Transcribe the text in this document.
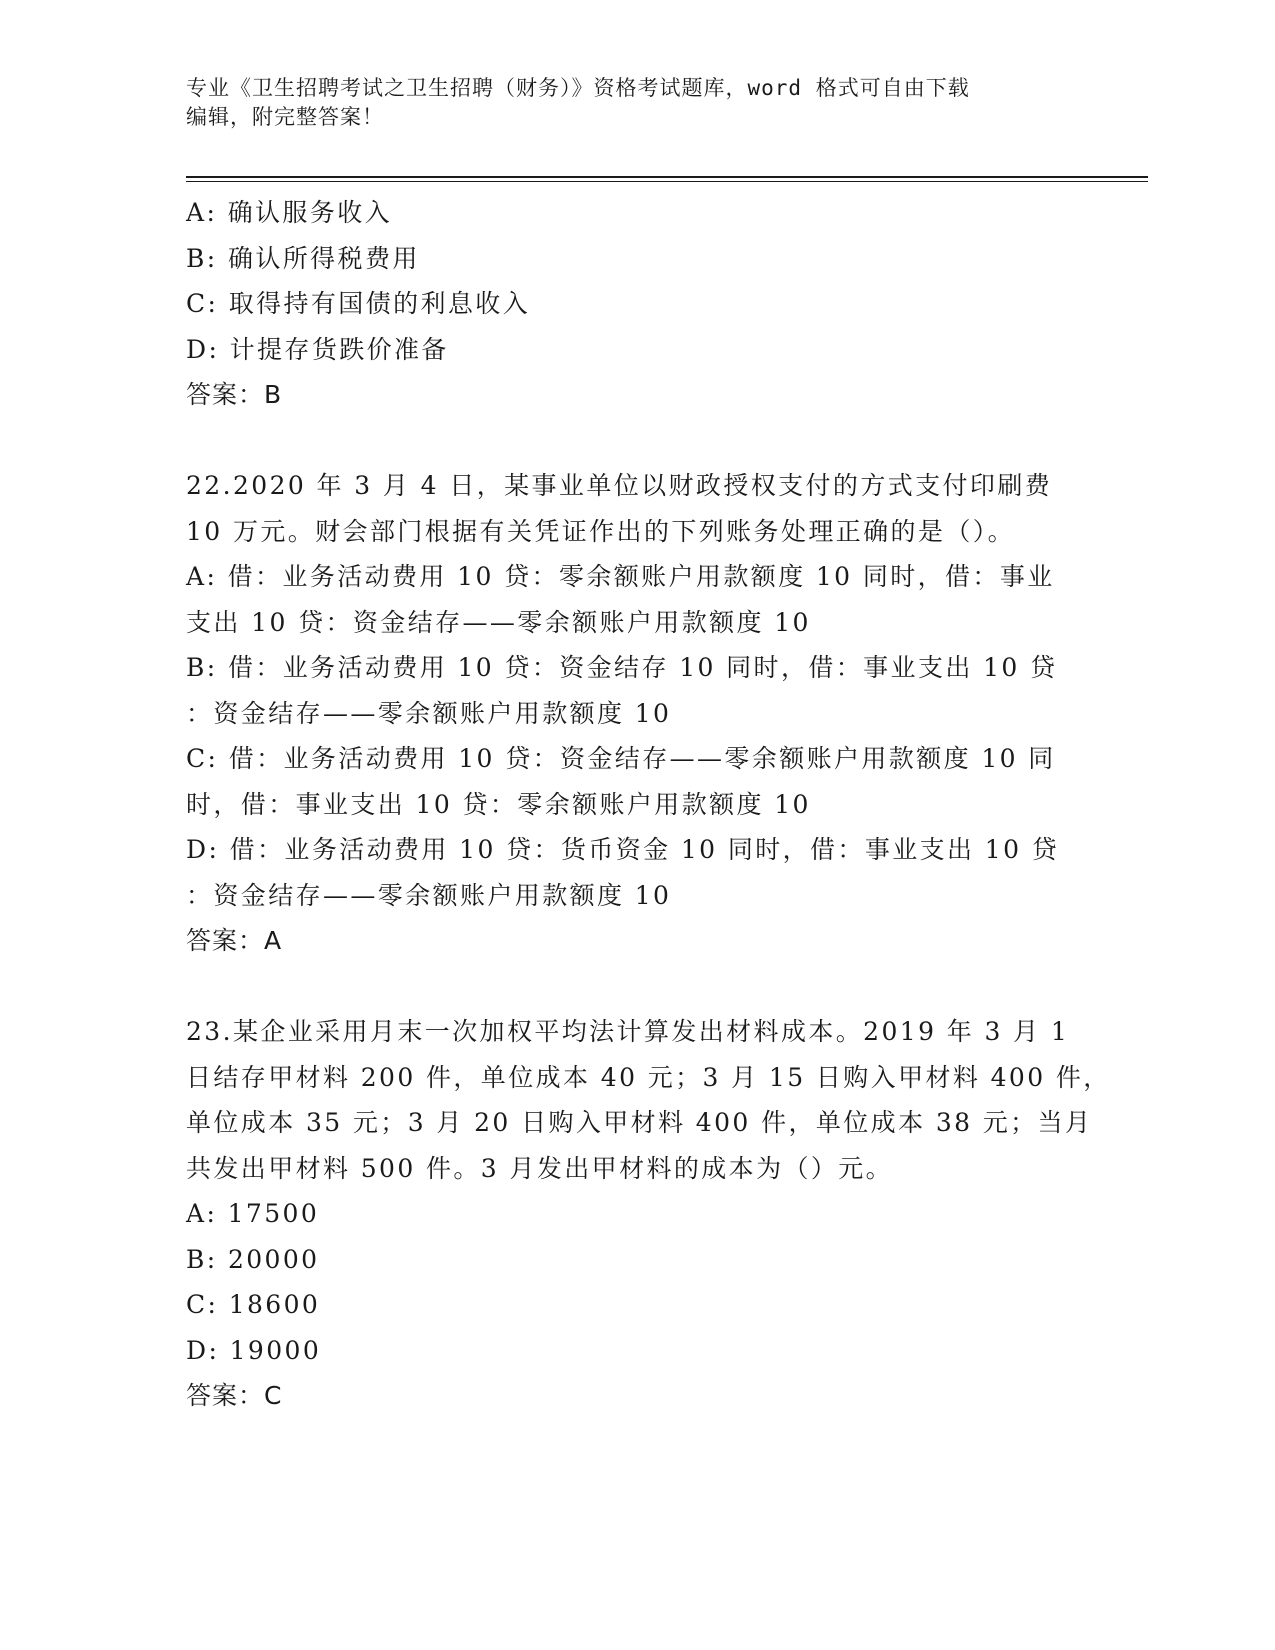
专业《卫生招聘考试之卫生招聘（财务）》资格考试题库，word 格式可自由下载
编辑，附完整答案！
A: 确认服务收入
B: 确认所得税费用
C: 取得持有国债的利息收入
D: 计提存货跌价准备
答案：B
22.2020 年 3 月 4 日，某事业单位以财政授权支付的方式支付印刷费
10 万元。财会部门根据有关凭证作出的下列账务处理正确的是（）。
A: 借：业务活动费用 10 贷：零余额账户用款额度 10 同时，借：事业
支出 10 贷：资金结存——零余额账户用款额度 10
B: 借：业务活动费用 10 贷：资金结存 10 同时，借：事业支出 10 贷
：资金结存——零余额账户用款额度 10
C: 借：业务活动费用 10 贷：资金结存——零余额账户用款额度 10 同
时，借：事业支出 10 贷：零余额账户用款额度 10
D: 借：业务活动费用 10 贷：货币资金 10 同时，借：事业支出 10 贷
：资金结存——零余额账户用款额度 10
答案：A
23.某企业采用月末一次加权平均法计算发出材料成本。2019 年 3 月 1
日结存甲材料 200 件，单位成本 40 元；3 月 15 日购入甲材料 400 件，
单位成本 35 元；3 月 20 日购入甲材料 400 件，单位成本 38 元；当月
共发出甲材料 500 件。3 月发出甲材料的成本为（）元。
A: 17500
B: 20000
C: 18600
D: 19000
答案：C
